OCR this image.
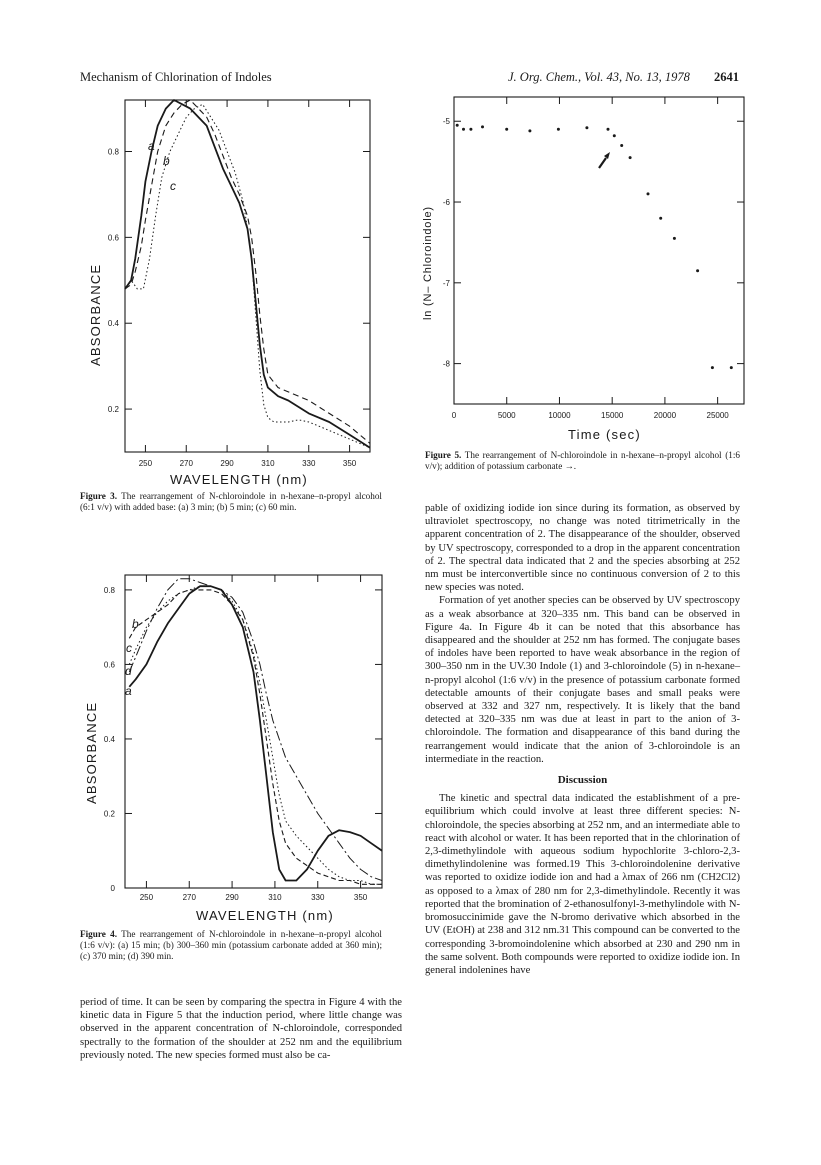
Mechanism of Chlorination of Indoles	J. Org. Chem., Vol. 43, No. 13, 1978 2641
250	270	290	310	330	350
0.8
0.6
0.4
0.2
a
b
c
ABSORBANCE
WAVELENGTH (nm)
Figure 3. The rearrangement of N-chloroindole in n-hexane–n-propyl alcohol (6:1 v/v) with added base: (a) 3 min; (b) 5 min; (c) 60 min.
250	270	290	310	330	350
0.8
0.6
0.4
0.2
0
a
b
c
d
ABSORBANCE
WAVELENGTH (nm)
Figure 4. The rearrangement of N-chloroindole in n-hexane–n-propyl alcohol (1:6 v/v): (a) 15 min; (b) 300–360 min (potassium carbonate added at 360 min); (c) 370 min; (d) 390 min.
0	5000	10000	15000	20000	25000
-5
-6
-7
-8
ln (N– Chloroindole)
Time (sec)
Figure 5. The rearrangement of N-chloroindole in n-hexane–n-propyl alcohol (1:6 v/v); addition of potassium carbonate →.

pable of oxidizing iodide ion since during its formation, as observed by ultraviolet spectroscopy, no change was noted titrimetrically in the apparent concentration of 2. The disappearance of the shoulder, observed by UV spectroscopy, corresponded to a drop in the apparent concentration of 2. The spectral data indicated that 2 and the species absorbing at 252 nm must be interconvertible since no continuous conversion of 2 to this new species was noted.

Formation of yet another species can be observed by UV spectroscopy as a weak absorbance at 320–335 nm. This band can be observed in Figure 4a. In Figure 4b it can be noted that this absorbance has disappeared and the shoulder at 252 nm has formed. The conjugate bases of indoles have been reported to have weak absorbance in the region of 300–350 nm in the UV.30 Indole (1) and 3-chloroindole (5) in n-hexane–n-propyl alcohol (1:6 v/v) in the presence of potassium carbonate formed detectable amounts of their conjugate bases and small peaks were observed at 332 and 327 nm, respectively. It is likely that the band detected at 320–335 nm was due at least in part to the anion of 3-chloroindole. The formation and disappearance of this band during the rearrangement would indicate that the anion of 3-chloroindole is an intermediate in the reaction.

Discussion

The kinetic and spectral data indicated the establishment of a pre-equilibrium which could involve at least three different species: N-chloroindole, the species absorbing at 252 nm, and an intermediate able to react with alcohol or water. It has been reported that in the chlorination of 2,3-dimethylindole with aqueous sodium hypochlorite 3-chloro-2,3-dimethylindolenine was formed.19 This 3-chloroindolenine derivative was reported to oxidize iodide ion and had a λmax of 266 nm (CH2Cl2) as opposed to a λmax of 280 nm for 2,3-dimethylindole. Recently it was reported that the bromination of 2-ethanosulfonyl-3-methylindole with N-bromosuccinimide gave the N-bromo derivative which absorbed in the UV (EtOH) at 238 and 312 nm.31 This compound can be converted to the corresponding 3-bromoindolenine which absorbed at 230 and 290 nm in the same solvent. Both compounds were reported to oxidize iodide ion. In general indolenines have

period of time. It can be seen by comparing the spectra in Figure 4 with the kinetic data in Figure 5 that the induction period, where little change was observed in the apparent concentration of N-chloroindole, corresponded spectrally to the formation of the shoulder at 252 nm and the equilibrium previously noted. The new species formed must also be ca-
